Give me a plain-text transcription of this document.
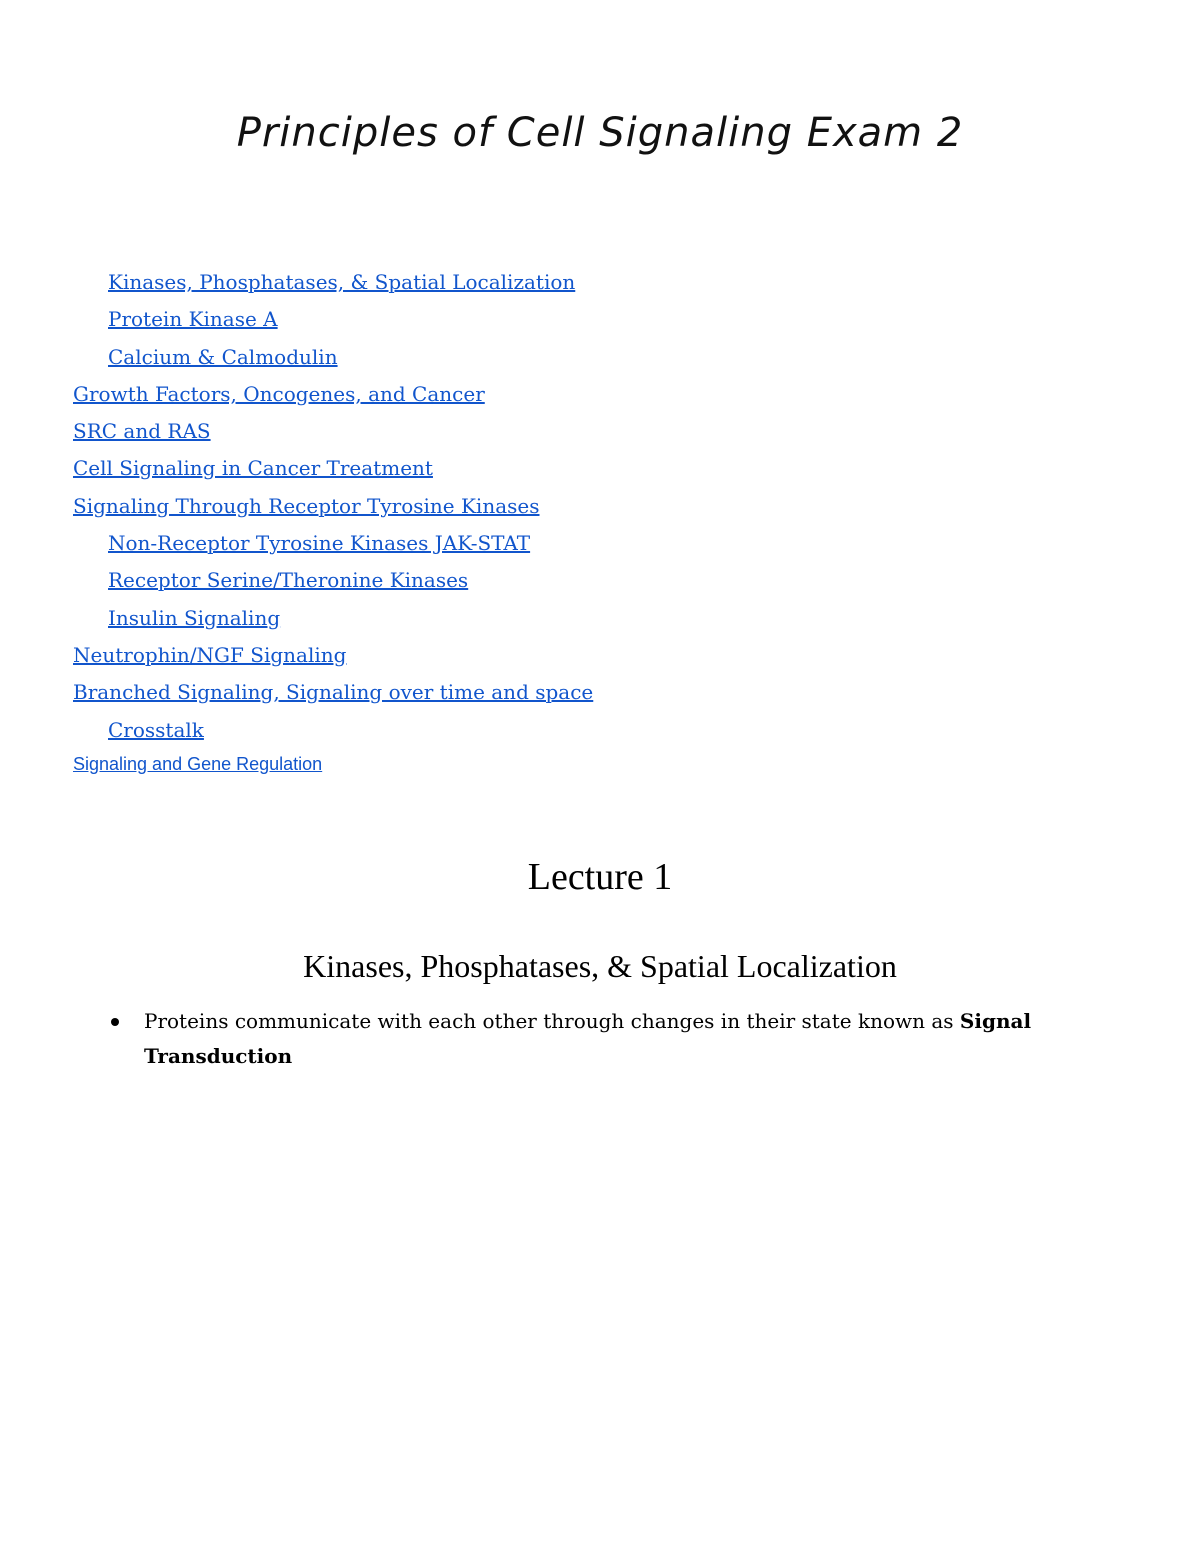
Principles of Cell Signaling Exam 2
Kinases, Phosphatases, & Spatial Localization
Protein Kinase A
Calcium & Calmodulin
Growth Factors, Oncogenes, and Cancer
SRC and RAS
Cell Signaling in Cancer Treatment
Signaling Through Receptor Tyrosine Kinases
Non-Receptor Tyrosine Kinases JAK-STAT
Receptor Serine/Theronine Kinases
Insulin Signaling
Neutrophin/NGF Signaling
Branched Signaling, Signaling over time and space
Crosstalk
Signaling and Gene Regulation
Lecture 1
Kinases, Phosphatases, & Spatial Localization
Proteins communicate with each other through changes in their state known as Signal Transduction
